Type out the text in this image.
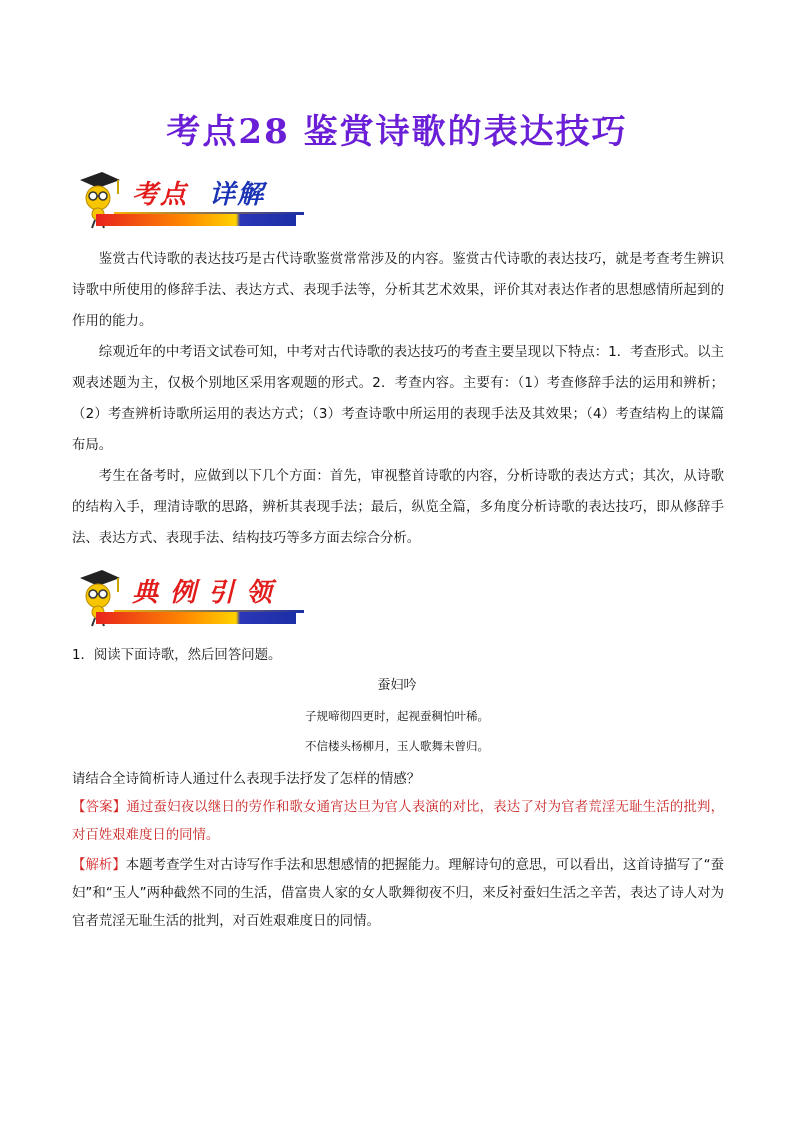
考点28 鉴赏诗歌的表达技巧
考点 详解
鉴赏古代诗歌的表达技巧是古代诗歌鉴赏常常涉及的内容。鉴赏古代诗歌的表达技巧，就是考查考生辨识诗歌中所使用的修辞手法、表达方式、表现手法等，分析其艺术效果，评价其对表达作者的思想感情所起到的作用的能力。
综观近年的中考语文试卷可知，中考对古代诗歌的表达技巧的考查主要呈现以下特点：1．考查形式。以主观表述题为主，仅极个别地区采用客观题的形式。2．考查内容。主要有：（1）考查修辞手法的运用和辨析；（2）考查辨析诗歌所运用的表达方式；（3）考查诗歌中所运用的表现手法及其效果；（4）考查结构上的谋篇布局。
考生在备考时，应做到以下几个方面：首先，审视整首诗歌的内容，分析诗歌的表达方式；其次，从诗歌的结构入手，理清诗歌的思路，辨析其表现手法；最后，纵览全篇，多角度分析诗歌的表达技巧，即从修辞手法、表达方式、表现手法、结构技巧等多方面去综合分析。
典例引领
1．阅读下面诗歌，然后回答问题。
蚕妇吟
子规啼彻四更时，起视蚕稠怕叶稀。
不信楼头杨柳月，玉人歌舞未曾归。
请结合全诗简析诗人通过什么表现手法抒发了怎样的情感？
【答案】通过蚕妇夜以继日的劳作和歌女通宵达旦为官人表演的对比，表达了对为官者荒淫无耻生活的批判，对百姓艰难度日的同情。
【解析】本题考查学生对古诗写作手法和思想感情的把握能力。理解诗句的意思，可以看出，这首诗描写了“蚕妇”和“玉人”两种截然不同的生活，借富贵人家的女人歌舞彻夜不归，来反衬蚕妇生活之辛苦，表达了诗人对为官者荒淫无耻生活的批判，对百姓艰难度日的同情。
